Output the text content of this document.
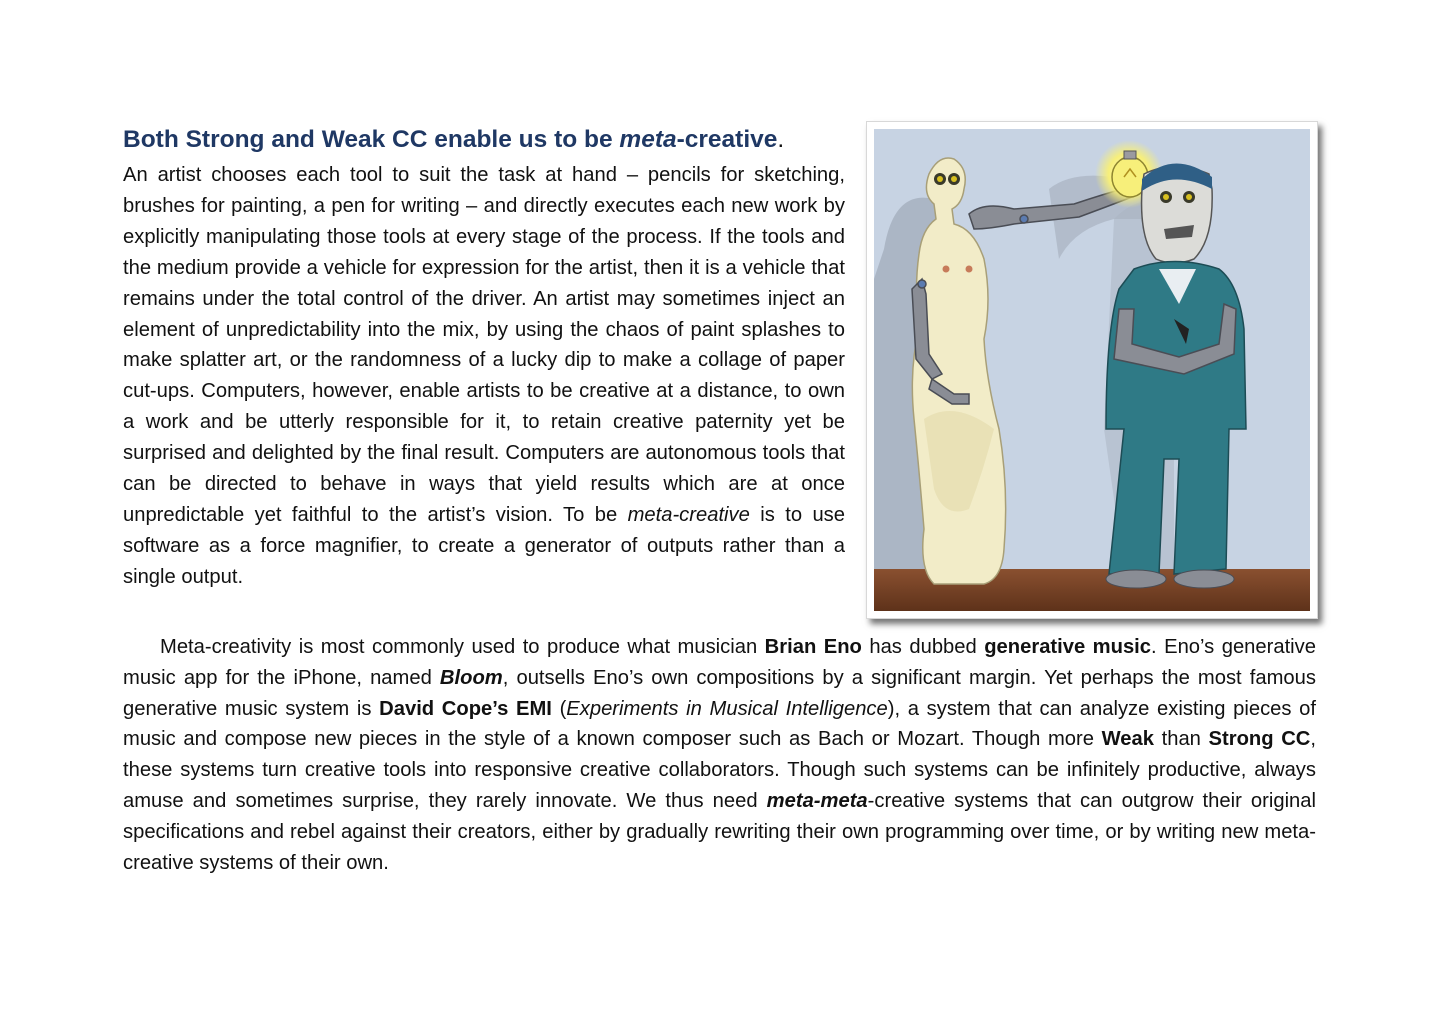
Both Strong and Weak CC enable us to be meta-creative.

An artist chooses each tool to suit the task at hand – pencils for sketching, brushes for painting, a pen for writing – and directly executes each new work by explicitly manipulating those tools at every stage of the process. If the tools and the medium provide a vehicle for expression for the artist, then it is a vehicle that remains under the total control of the driver. An artist may sometimes inject an element of unpredictability into the mix, by using the chaos of paint splashes to make splatter art, or the randomness of a lucky dip to make a collage of paper cut-ups. Computers, however, enable artists to be creative at a distance, to own a work and be utterly responsible for it, to retain creative paternity yet be surprised and delighted by the final result. Computers are autonomous tools that can be directed to behave in ways that yield results which are at once unpredictable yet faithful to the artist’s vision. To be meta-creative is to use software as a force magnifier, to create a generator of outputs rather than a single output.

Meta-creativity is most commonly used to produce what musician Brian Eno has dubbed generative music. Eno’s generative music app for the iPhone, named Bloom, outsells Eno’s own compositions by a significant margin. Yet perhaps the most famous generative music system is David Cope’s EMI (Experiments in Musical Intelligence), a system that can analyze existing pieces of music and compose new pieces in the style of a known composer such as Bach or Mozart. Though more Weak than Strong CC, these systems turn creative tools into responsive creative collaborators. Though such systems can be infinitely productive, always amuse and sometimes surprise, they rarely innovate. We thus need meta-meta-creative systems that can outgrow their original specifications and rebel against their creators, either by gradually rewriting their own programming over time, or by writing new meta-creative systems of their own.
